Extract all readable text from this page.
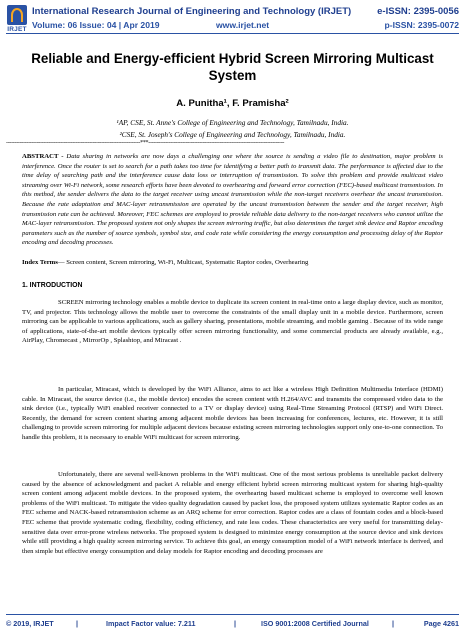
IRJET
International Research Journal of Engineering and Technology (IRJET)	e-ISSN: 2395-0056
Volume: 06 Issue: 04 | Apr 2019	www.irjet.net	p-ISSN: 2395-0072
Reliable and Energy-efficient Hybrid Screen Mirroring Multicast System
A. Punitha¹, F. Pramisha²
¹AP, CSE, St. Anne's College of Engineering and Technology, Tamilnadu, India.
²CSE, St. Joseph's College of Engineering and Technology, Tamilnadu, India.
-------------------------------------------------------------------------------***--------------------------------------------------------------------------------
ABSTRACT - Data sharing in networks are now days a challenging one where the source is sending a video file to destination, major problem is interference. Once the router is set to search for a path takes too time for identifying a better path to transmit data. The performance is affected due to the time delay of searching path and the interference cause data loss or interruption of transmission. To solve this problem and provide multicast video streaming over Wi-Fi network, some research efforts have been devoted to overhearing and forward error correction (FEC)-based multicast transmission. In this method, the sender delivers the data to the target receiver using uncast transmission while the non-target receivers overhear the uncast transmission. Because the rate adaptation and MAC-layer retransmission are operated by the uncast transmission between the sender and the target receiver, high transmission rate can be achieved. Moreover, FEC schemes are employed to provide reliable data delivery to the non-target receivers who cannot utilize the MAC-layer retransmission. The proposed system not only shapes the screen mirroring traffic, but also determines the target sink device and Raptor encoding parameters such as the number of source symbols, symbol size, and code rate while considering the energy consumption and processing delay of the Raptor encoding and decoding processes.
Index Terms— Screen content, Screen mirroring, Wi-Fi, Multicast, Systematic Raptor codes, Overhearing
1. INTRODUCTION

SCREEN mirroring technology enables a mobile device to duplicate its screen content in real-time onto a large display device, such as monitor, TV, and projector. This technology allows the mobile user to overcome the constraints of the small display unit in a mobile device. Furthermore, screen mirroring can be applicable to various applications, such as gallery sharing, presentations, mobile streaming, and mobile gaming . Because of its wide range of applications, state-of-the-art mobile devices typically offer screen mirroring functionality, and some commercial products are already available, e.g., AirPlay, Chromecast , MirrorOp , Splashtop, and Miracast .

In particular, Miracast, which is developed by the WiFi Alliance, aims to act like a wireless High Definition Multimedia Interface (HDMI) cable. In Miracast, the source device (i.e., the mobile device) encodes the screen content with H.264/AVC and transmits the compressed video data to the sink device (i.e., typically WiFi enabled receiver connected to a TV or display device) using Real-Time Streaming Protocol (RTSP) and WiFi Direct. Recently, the demand for screen content sharing among adjacent mobile devices has been increasing for conferences, lectures, etc. However, it is still challenging to provide screen mirroring for multiple adjacent devices because existing screen mirroring technologies support only one-to-one connection. To handle this problem, it is necessary to enable WiFi multicast for screen mirroring.

Unfortunately, there are several well-known problems in the WiFi multicast. One of the most serious problems is unreliable packet delivery caused by the absence of acknowledgment and packet A reliable and energy efficient hybrid screen mirroring multicast system for sharing high-quality screen content among adjacent mobile devices. In the proposed system, the overhearing based multicast scheme is employed to overcome well known problems of the WiFi multicast. To mitigate the video quality degradation caused by packet loss, the proposed system utilizes systematic Raptor codes as an FEC scheme and NACK-based retransmission scheme as an ARQ scheme for error correction. Raptor codes are a class of fountain codes and a block-based FEC scheme that provide systematic coding, flexibility, coding efficiency, and rate less codes. These characteristics are very useful for transmitting delay-sensitive data over error-prone wireless networks. The proposed system is designed to minimize energy consumption at the source device and sink devices while still providing a high quality screen mirroring service. To achieve this goal, an energy consumption model of a WiFi network interface is derived, and then simple but effective energy consumption and delay models for Raptor encoding and decoding processes are

© 2019, IRJET	|	Impact Factor value: 7.211	|	ISO 9001:2008 Certified Journal	|	Page 4261
